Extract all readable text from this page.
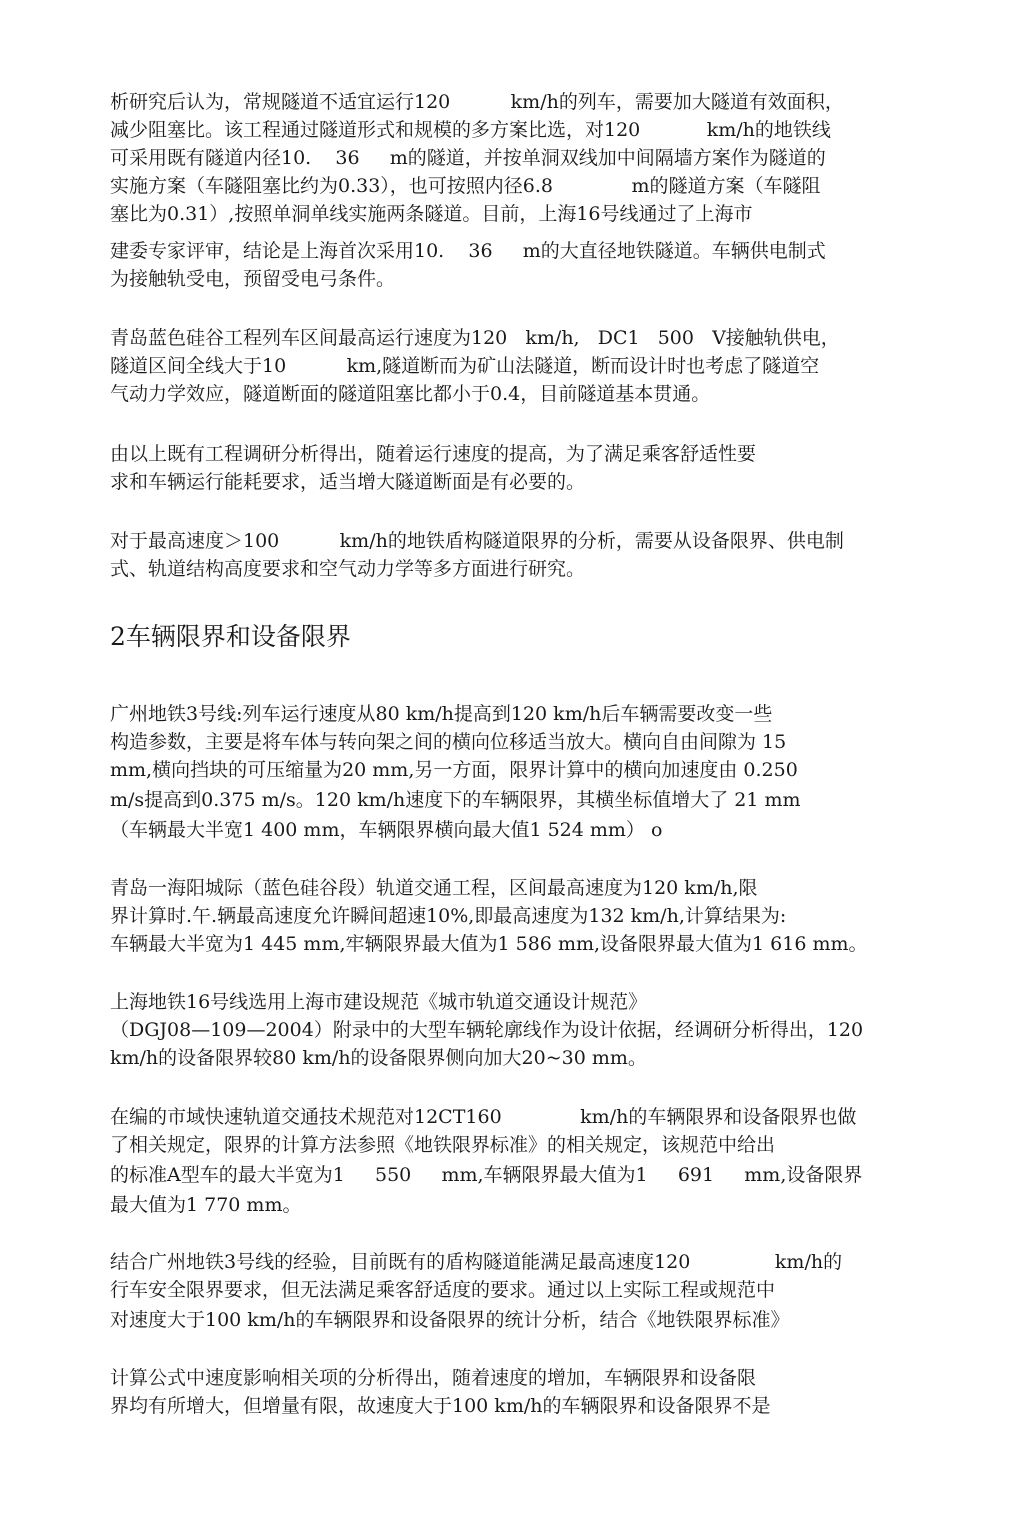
析研究后认为，常规隧道不适宜运行120          km/h的列车，需要加大隧道有效面积，
减少阻塞比。该工程通过隧道形式和规模的多方案比选，对120           km/h的地铁线
可采用既有隧道内径10.    36     m的隧道，并按单洞双线加中间隔墙方案作为隧道的
实施方案（车隧阻塞比约为0.33），也可按照内径6.8             m的隧道方案（车隧阻
塞比为0.31）,按照单洞单线实施两条隧道。目前，上海16号线通过了上海市
建委专家评审，结论是上海首次采用10.    36     m的大直径地铁隧道。车辆供电制式
为接触轨受电，预留受电弓条件。
青岛蓝色硅谷工程列车区间最高运行速度为120   km/h,   DC1   500   V接触轨供电，
隧道区间全线大于10          km,隧道断而为矿山法隧道，断而设计时也考虑了隧道空
气动力学效应，隧道断面的隧道阻塞比都小于0.4，目前隧道基本贯通。
由以上既有工程调研分析得出，随着运行速度的提高，为了满足乘客舒适性要
求和车辆运行能耗要求，适当增大隧道断面是有必要的。
对于最高速度＞100          km/h的地铁盾构隧道限界的分析，需要从设备限界、供电制
式、轨道结构高度要求和空气动力学等多方面进行研究。
2车辆限界和设备限界
广州地铁3号线:列车运行速度从80 km/h提高到120 km/h后车辆需要改变一些
构造参数，主要是将车体与转向架之间的横向位移适当放大。横向自由间隙为 15
mm,横向挡块的可压缩量为20 mm,另一方面，限界计算中的横向加速度由 0.250
m/s提高到0.375 m/s。120 km/h速度下的车辆限界，其横坐标值增大了 21 mm
（车辆最大半宽1 400 mm，车辆限界横向最大值1 524 mm） o
青岛一海阳城际（蓝色硅谷段）轨道交通工程，区间最高速度为120 km/h,限
界计算时.午.辆最高速度允许瞬间超速10%,即最高速度为132 km/h,计算结果为:
车辆最大半宽为1 445 mm,牢辆限界最大值为1 586 mm,设备限界最大值为1 616 mm。
上海地铁16号线选用上海市建设规范《城市轨道交通设计规范》
（DGJ08—109—2004）附录中的大型车辆轮廓线作为设计依据，经调研分析得出，120
km/h的设备限界较80 km/h的设备限界侧向加大20~30 mm。
在编的市域快速轨道交通技术规范对12CT160             km/h的车辆限界和设备限界也做
了相关规定，限界的计算方法参照《地铁限界标准》的相关规定，该规范中给出
的标准A型车的最大半宽为1     550     mm,车辆限界最大值为1     691     mm,设备限界
最大值为1 770 mm。
结合广州地铁3号线的经验，目前既有的盾构隧道能满足最高速度120              km/h的
行车安全限界要求，但无法满足乘客舒适度的要求。通过以上实际工程或规范中
对速度大于100 km/h的车辆限界和设备限界的统计分析，结合《地铁限界标准》
计算公式中速度影响相关项的分析得出，随着速度的增加，车辆限界和设备限
界均有所增大，但增量有限，故速度大于100 km/h的车辆限界和设备限界不是
